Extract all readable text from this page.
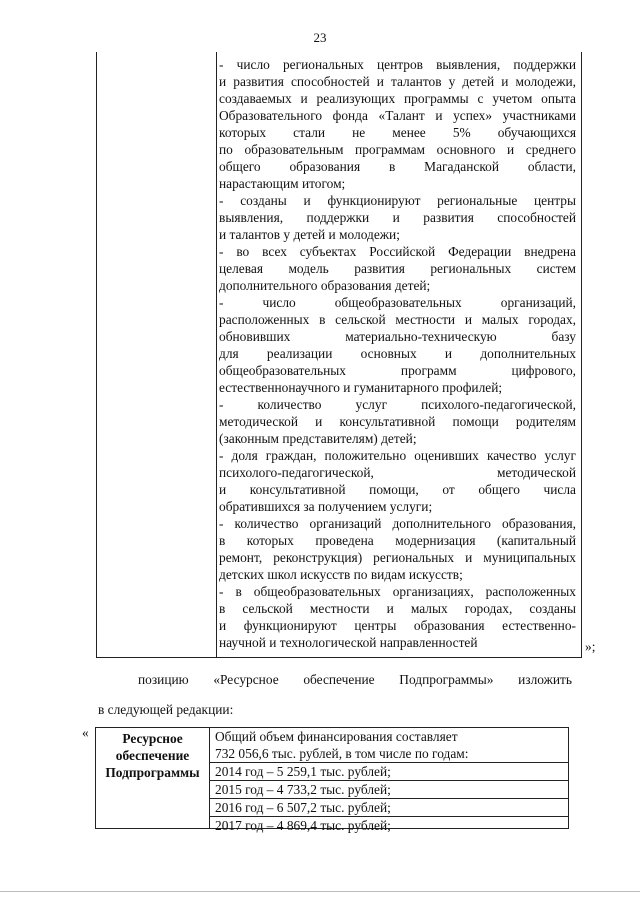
23
- число региональных центров выявления, поддержки
и развития способностей и талантов у детей и молодежи,
создаваемых и реализующих программы с учетом опыта
Образовательного фонда «Талант и успех» участниками
которых стали не менее 5% обучающихся
по образовательным программам основного и среднего
общего образования в Магаданской области,
нарастающим итогом;
- созданы и функционируют региональные центры
выявления, поддержки и развития способностей
и талантов у детей и молодежи;
- во всех субъектах Российской Федерации внедрена
целевая модель развития региональных систем
дополнительного образования детей;
- число общеобразовательных организаций,
расположенных в сельской местности и малых городах,
обновивших материально-техническую базу
для реализации основных и дополнительных
общеобразовательных программ цифрового,
естественнонаучного и гуманитарного профилей;
- количество услуг психолого-педагогической,
методической и консультативной помощи родителям
(законным представителям) детей;
- доля граждан, положительно оценивших качество услуг
психолого-педагогической, методической
и консультативной помощи, от общего числа
обратившихся за получением услуги;
- количество организаций дополнительного образования,
в которых проведена модернизация (капитальный
ремонт, реконструкция) региональных и муниципальных
детских школ искусств по видам искусств;
- в общеобразовательных организациях, расположенных
в сельской местности и малых городах, созданы
и функционируют центры образования естественно-
научной и технологической направленностей	»;
позицию «Ресурсное обеспечение Подпрограммы» изложить
в следующей редакции:
«	Ресурсное
обеспечение
Подпрограммы
Общий объем финансирования составляет
732 056,6 тыс. рублей, в том числе по годам:
2014 год – 5 259,1 тыс. рублей;
2015 год – 4 733,2 тыс. рублей;
2016 год – 6 507,2 тыс. рублей;
2017 год – 4 869,4 тыс. рублей;
